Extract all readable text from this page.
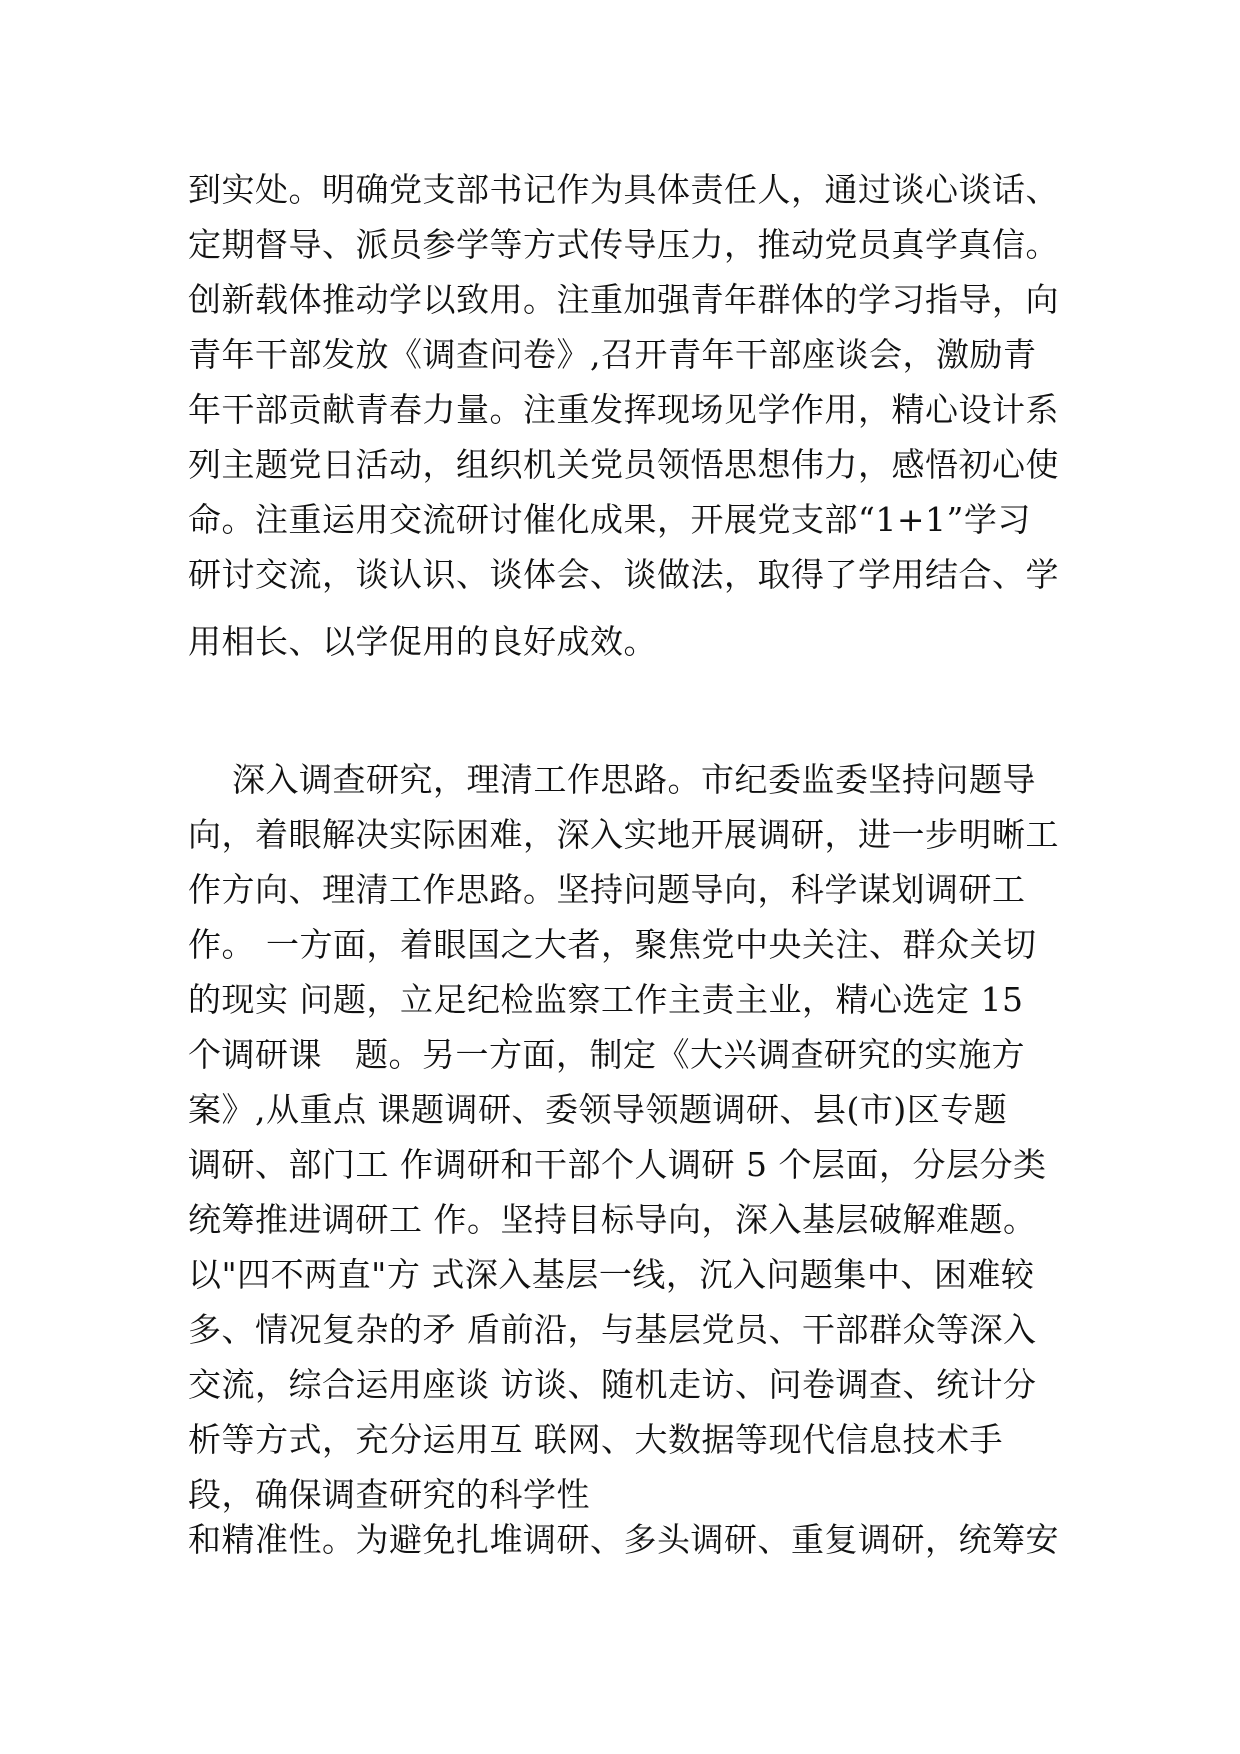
到实处。明确党支部书记作为具体责任人，通过谈心谈话、
定期督导、派员参学等方式传导压力，推动党员真学真信。
创新载体推动学以致用。注重加强青年群体的学习指导，向
青年干部发放《调查问卷》,召开青年干部座谈会，激励青
年干部贡献青春力量。注重发挥现场见学作用，精心设计系
列主题党日活动，组织机关党员领悟思想伟力，感悟初心使
命。注重运用交流研讨催化成果，开展党支部“1+1”学习
研讨交流，谈认识、谈体会、谈做法，取得了学用结合、学
用相长、以学促用的良好成效。
深入调查研究，理清工作思路。市纪委监委坚持问题导
向，着眼解决实际困难，深入实地开展调研，进一步明晰工
作方向、理清工作思路。坚持问题导向，科学谋划调研工
作。 一方面，着眼国之大者，聚焦党中央关注、群众关切
的现实 问题，立足纪检监察工作主责主业，精心选定 15
个调研课   题。另一方面，制定《大兴调查研究的实施方
案》,从重点 课题调研、委领导领题调研、县(市)区专题
调研、部门工 作调研和干部个人调研 5 个层面，分层分类
统筹推进调研工 作。坚持目标导向，深入基层破解难题。
以"四不两直"方 式深入基层一线，沉入问题集中、困难较
多、情况复杂的矛 盾前沿，与基层党员、干部群众等深入
交流，综合运用座谈 访谈、随机走访、问卷调查、统计分
析等方式，充分运用互 联网、大数据等现代信息技术手
段，确保调查研究的科学性
和精准性。为避免扎堆调研、多头调研、重复调研，统筹安
